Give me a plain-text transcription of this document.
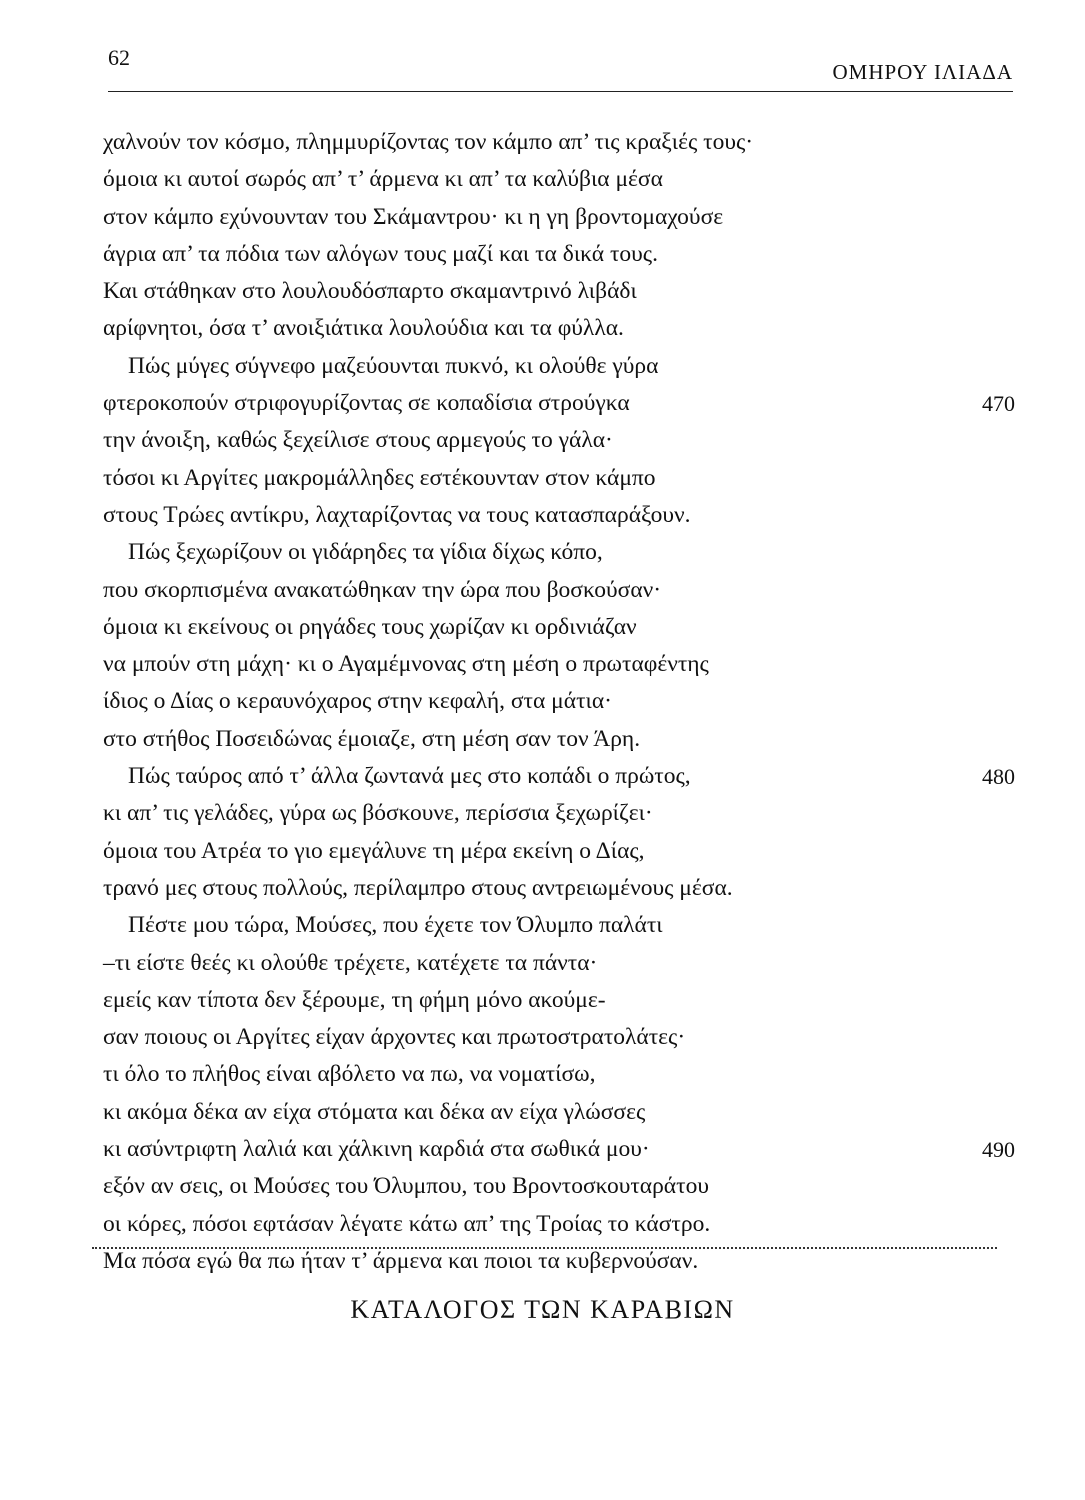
62
ΟΜΗΡΟΥ ΙΛΙΑΔΑ
χαλνούν τον κόσμο, πλημμυρίζοντας τον κάμπο απ’ τις κραξιές τους·
όμοια κι αυτοί σωρός απ’ τ’ άρμενα κι απ’ τα καλύβια μέσα
στον κάμπο εχύνουνταν του Σκάμαντρου· κι η γη βροντομαχούσε
άγρια απ’ τα πόδια των αλόγων τους μαζί και τα δικά τους.
Και στάθηκαν στο λουλουδόσπαρτο σκαμαντρινό λιβάδι
αρίφνητοι, όσα τ’ ανοιξιάτικα λουλούδια και τα φύλλα.
Πώς μύγες σύγνεφο μαζεύουνται πυκνό, κι ολούθε γύρα
φτεροκοπούν στριφογυρίζοντας σε κοπαδίσια στρούγκα	470
την άνοιξη, καθώς ξεχείλισε στους αρμεγούς το γάλα·
τόσοι κι Αργίτες μακρομάλληδες εστέκουνταν στον κάμπο
στους Τρώες αντίκρυ, λαχταρίζοντας να τους κατασπαράξουν.
Πώς ξεχωρίζουν οι γιδάρηδες τα γίδια δίχως κόπο,
που σκορπισμένα ανακατώθηκαν την ώρα που βοσκούσαν·
όμοια κι εκείνους οι ρηγάδες τους χωρίζαν κι ορδινιάζαν
να μπούν στη μάχη· κι ο Αγαμέμνονας στη μέση ο πρωταφέντης
ίδιος ο Δίας ο κεραυνόχαρος στην κεφαλή, στα μάτια·
στο στήθος Ποσειδώνας έμοιαζε, στη μέση σαν τον Άρη.
Πώς ταύρος από τ’ άλλα ζωντανά μες στο κοπάδι ο πρώτος,	480
κι απ’ τις γελάδες, γύρα ως βόσκουνε, περίσσια ξεχωρίζει·
όμοια του Ατρέα το γιο εμεγάλυνε τη μέρα εκείνη ο Δίας,
τρανό μες στους πολλούς, περίλαμπρο στους αντρειωμένους μέσα.
Πέστε μου τώρα, Μούσες, που έχετε τον Όλυμπο παλάτι
–τι είστε θεές κι ολούθε τρέχετε, κατέχετε τα πάντα·
εμείς καν τίποτα δεν ξέρουμε, τη φήμη μόνο ακούμε-
σαν ποιους οι Αργίτες είχαν άρχοντες και πρωτοστρατολάτες·
τι όλο το πλήθος είναι αβόλετο να πω, να νοματίσω,
κι ακόμα δέκα αν είχα στόματα και δέκα αν είχα γλώσσες
κι ασύντριφτη λαλιά και χάλκινη καρδιά στα σωθικά μου·	490
εξόν αν σεις, οι Μούσες του Όλυμπου, του Βροντοσκουταράτου
οι κόρες, πόσοι εφτάσαν λέγατε κάτω απ’ της Τροίας το κάστρο.
Μα πόσα εγώ θα πω ήταν τ’ άρμενα και ποιοι τα κυβερνούσαν.
ΚΑΤΑΛΟΓΟΣ ΤΩΝ ΚΑΡΑΒΙΩΝ
